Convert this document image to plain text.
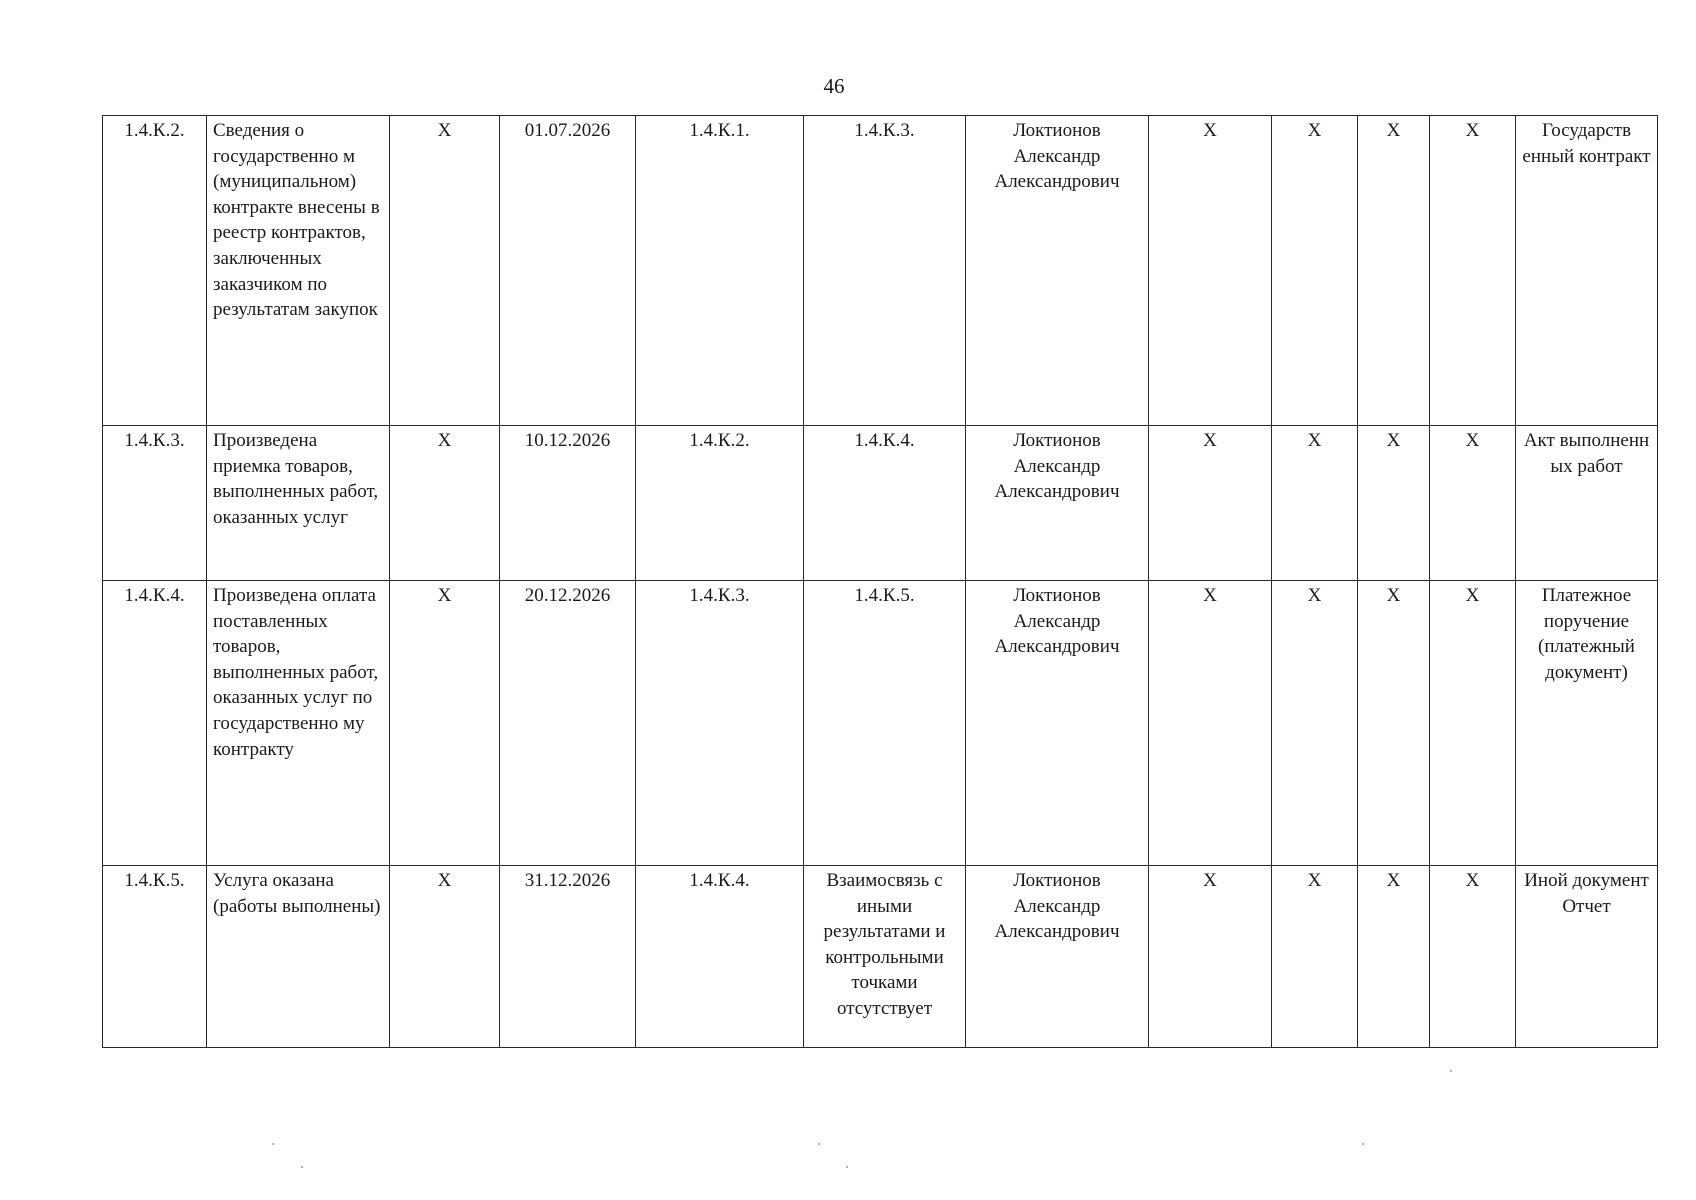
46
1.4.К.2.	Сведения о государственно м (муниципальном) контракте внесены в реестр контрактов, заключенных заказчиком по результатам закупок	Х	01.07.2026	1.4.К.1.	1.4.К.3.	Локтионов Александр Александрович	Х	Х	Х	Х	Государств енный контракт
1.4.К.3.	Произведена приемка товаров, выполненных работ, оказанных услуг	Х	10.12.2026	1.4.К.2.	1.4.К.4.	Локтионов Александр Александрович	Х	Х	Х	Х	Акт выполненн ых работ
1.4.К.4.	Произведена оплата поставленных товаров, выполненных работ, оказанных услуг по государственно му контракту	Х	20.12.2026	1.4.К.3.	1.4.К.5.	Локтионов Александр Александрович	Х	Х	Х	Х	Платежное поручение (платежный документ)
1.4.К.5.	Услуга оказана (работы выполнены)	Х	31.12.2026	1.4.К.4.	Взаимосвязь с иными результатами и контрольными точками отсутствует	Локтионов Александр Александрович	Х	Х	Х	Х	Иной документ Отчет
